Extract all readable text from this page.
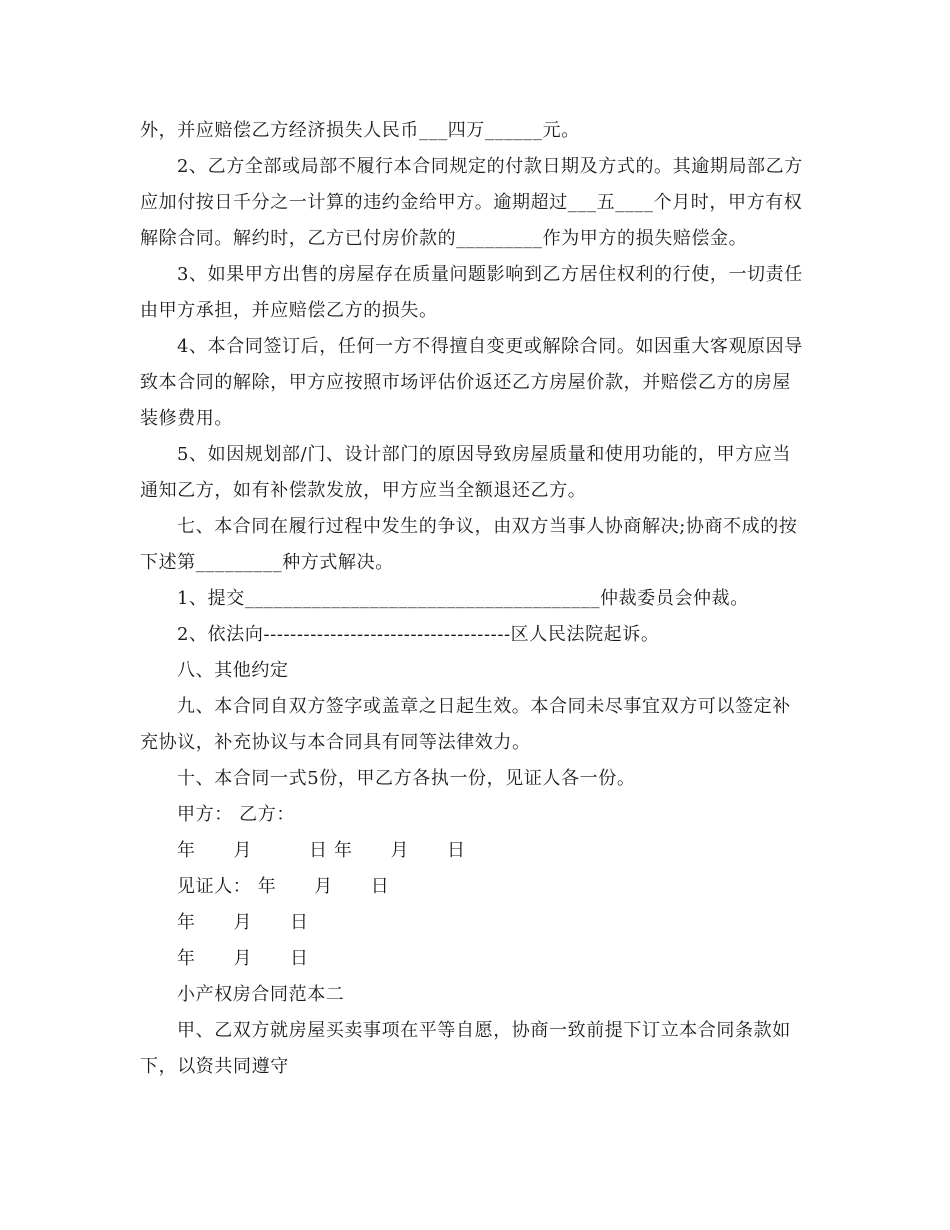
外，并应赔偿乙方经济损失人民币___四万______元。
2、乙方全部或局部不履行本合同规定的付款日期及方式的。其逾期局部乙方
应加付按日千分之一计算的违约金给甲方。逾期超过___五____个月时，甲方有权
解除合同。解约时，乙方已付房价款的_________作为甲方的损失赔偿金。
3、如果甲方出售的房屋存在质量问题影响到乙方居住权利的行使，一切责任
由甲方承担，并应赔偿乙方的损失。
4、本合同签订后，任何一方不得擅自变更或解除合同。如因重大客观原因导
致本合同的解除，甲方应按照市场评估价返还乙方房屋价款，并赔偿乙方的房屋
装修费用。
5、如因规划部/门、设计部门的原因导致房屋质量和使用功能的，甲方应当
通知乙方，如有补偿款发放，甲方应当全额退还乙方。
七、本合同在履行过程中发生的争议，由双方当事人协商解决;协商不成的按
下述第_________种方式解决。
1、提交_____________________________________仲裁委员会仲裁。
2、依法向-------------------------------------区人民法院起诉。
八、其他约定
九、本合同自双方签字或盖章之日起生效。本合同未尽事宜双方可以签定补
充协议，补充协议与本合同具有同等法律效力。
十、本合同一式5份，甲乙方各执一份，见证人各一份。
甲方： 乙方：
年      月         日 年      月      日
见证人： 年      月      日
年      月      日
年      月      日
小产权房合同范本二
甲、乙双方就房屋买卖事项在平等自愿，协商一致前提下订立本合同条款如
下，以资共同遵守
